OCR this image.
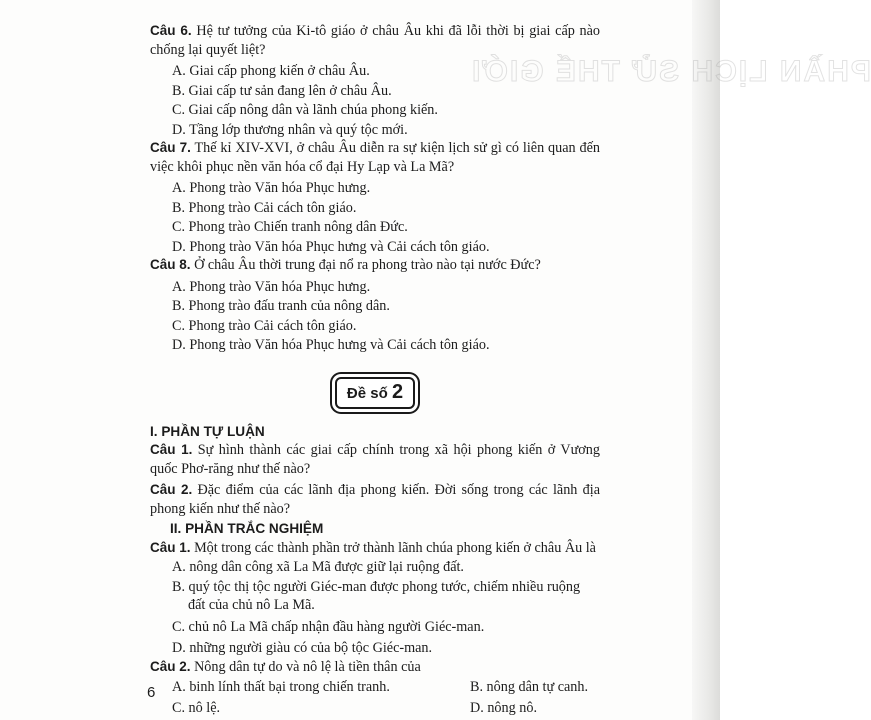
PHẦN LỊCH SỬ THẾ GIỚI
Câu 6. Hệ tư tưởng của Ki-tô giáo ở châu Âu khi đã lỗi thời bị giai cấp nào chống lại quyết liệt?
A. Giai cấp phong kiến ở châu Âu.
B. Giai cấp tư sản đang lên ở châu Âu.
C. Giai cấp nông dân và lãnh chúa phong kiến.
D. Tầng lớp thương nhân và quý tộc mới.
Câu 7. Thế kỉ XIV-XVI, ở châu Âu diễn ra sự kiện lịch sử gì có liên quan đến việc khôi phục nền văn hóa cổ đại Hy Lạp và La Mã?
A. Phong trào Văn hóa Phục hưng.
B. Phong trào Cải cách tôn giáo.
C. Phong trào Chiến tranh nông dân Đức.
D. Phong trào Văn hóa Phục hưng và Cải cách tôn giáo.
Câu 8. Ở châu Âu thời trung đại nổ ra phong trào nào tại nước Đức?
A. Phong trào Văn hóa Phục hưng.
B. Phong trào đấu tranh của nông dân.
C. Phong trào Cải cách tôn giáo.
D. Phong trào Văn hóa Phục hưng và Cải cách tôn giáo.
Đề số 2
I. PHẦN TỰ LUẬN
Câu 1. Sự hình thành các giai cấp chính trong xã hội phong kiến ở Vương quốc Phơ-răng như thế nào?
Câu 2. Đặc điểm của các lãnh địa phong kiến. Đời sống trong các lãnh địa phong kiến như thế nào?
II. PHẦN TRẮC NGHIỆM
Câu 1. Một trong các thành phần trở thành lãnh chúa phong kiến ở châu Âu là
A. nông dân công xã La Mã được giữ lại ruộng đất.
B. quý tộc thị tộc người Giéc-man được phong tước, chiếm nhiều ruộng đất của chủ nô La Mã.
C. chủ nô La Mã chấp nhận đầu hàng người Giéc-man.
D. những người giàu có của bộ tộc Giéc-man.
Câu 2. Nông dân tự do và nô lệ là tiền thân của
A. binh lính thất bại trong chiến tranh.	B. nông dân tự canh.
C. nô lệ.	D. nông nô.
6
